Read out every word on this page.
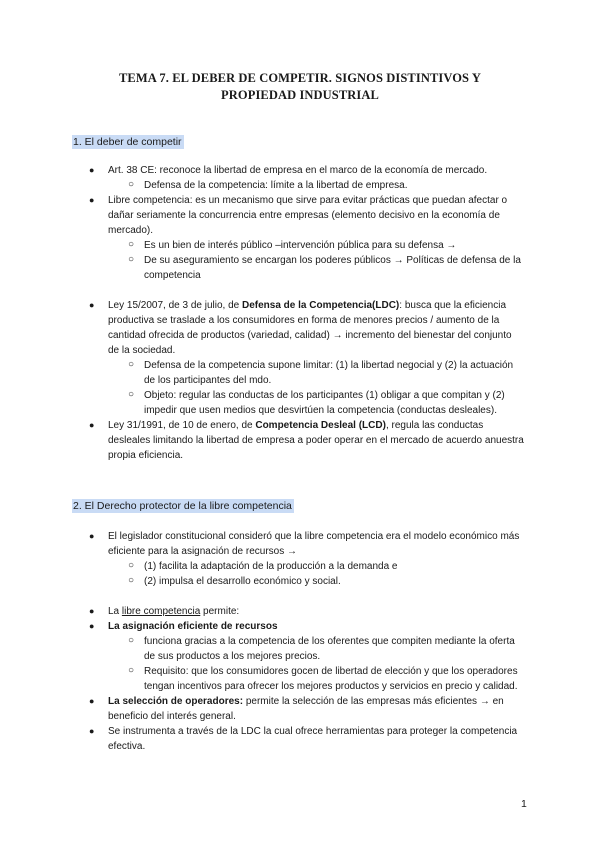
TEMA 7. EL DEBER DE COMPETIR. SIGNOS DISTINTIVOS Y
PROPIEDAD INDUSTRIAL
1. El deber de competir
● Art. 38 CE: reconoce la libertad de empresa en el marco de la economía de mercado.
○ Defensa de la competencia: límite a la libertad de empresa.
● Libre competencia: es un mecanismo que sirve para evitar prácticas que puedan afectar o dañar seriamente la concurrencia entre empresas (elemento decisivo en la economía de mercado).
○ Es un bien de interés público –intervención pública para su defensa →
○ De su aseguramiento se encargan los poderes públicos → Políticas de defensa de la competencia
● Ley 15/2007, de 3 de julio, de Defensa de la Competencia(LDC): busca que la eficiencia productiva se traslade a los consumidores en forma de menores precios / aumento de la cantidad ofrecida de productos (variedad, calidad) → incremento del bienestar del conjunto de la sociedad.
○ Defensa de la competencia supone limitar: (1) la libertad negocial y (2) la actuación de los participantes del mdo.
○ Objeto: regular las conductas de los participantes (1) obligar a que compitan y (2) impedir que usen medios que desvirtúen la competencia (conductas desleales).
● Ley 31/1991, de 10 de enero, de Competencia Desleal (LCD), regula las conductas desleales limitando la libertad de empresa a poder operar en el mercado de acuerdo anuestra propia eficiencia.
2. El Derecho protector de la libre competencia
● El legislador constitucional consideró que la libre competencia era el modelo económico más eficiente para la asignación de recursos →
○ (1) facilita la adaptación de la producción a la demanda e
○ (2) impulsa el desarrollo económico y social.
● La libre competencia permite:
● La asignación eficiente de recursos
○ funciona gracias a la competencia de los oferentes que compiten mediante la oferta de sus productos a los mejores precios.
○ Requisito: que los consumidores gocen de libertad de elección y que los operadores tengan incentivos para ofrecer los mejores productos y servicios en precio y calidad.
● La selección de operadores: permite la selección de las empresas más eficientes → en beneficio del interés general.
● Se instrumenta a través de la LDC la cual ofrece herramientas para proteger la competencia efectiva.
1
